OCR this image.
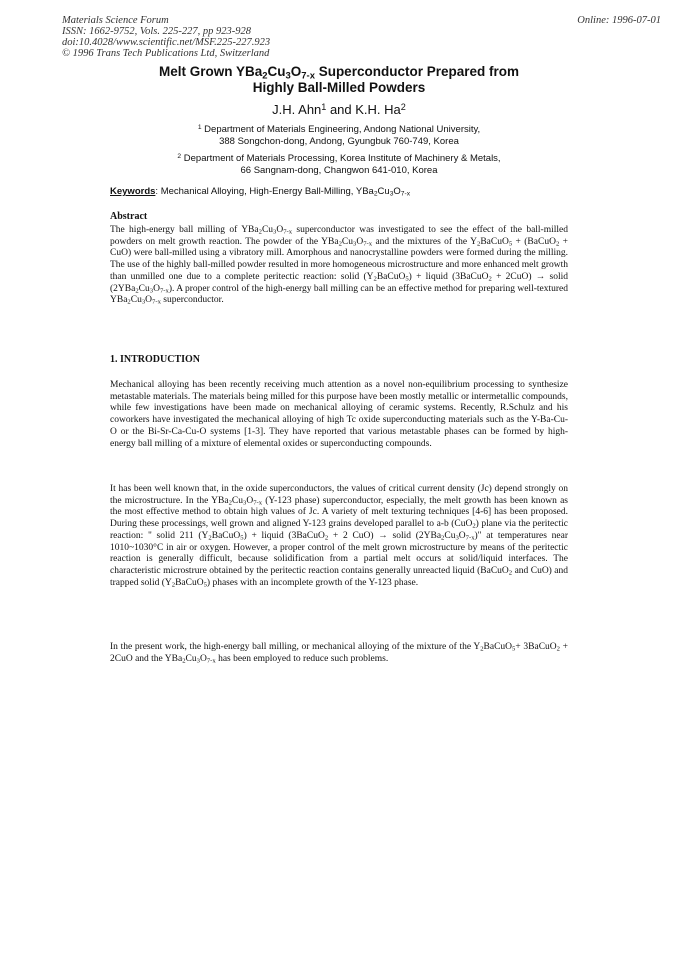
Materials Science Forum
ISSN: 1662-9752, Vols. 225-227, pp 923-928
doi:10.4028/www.scientific.net/MSF.225-227.923
© 1996 Trans Tech Publications Ltd, Switzerland
Online: 1996-07-01
Melt Grown $YBa_2Cu_3O_{7-x}$ Superconductor Prepared from
Highly Ball-Milled Powders
J.H. Ahn$^1$ and K.H. Ha$^2$
$^1$ Department of Materials Engineering, Andong National University,
388 Songchon-dong, Andong, Gyungbuk 760-749, Korea
$^2$ Department of Materials Processing, Korea Institute of Machinery & Metals,
66 Sangnam-dong, Changwon 641-010, Korea
Keywords: Mechanical Alloying, High-Energy Ball-Milling, $YBa_2Cu_3O_{7-x}$
Abstract
The high-energy ball milling of $YBa_2Cu_3O_{7-x}$ superconductor was investigated to see the effect of the ball-milled powders on melt growth reaction. The powder of the $YBa_2Cu_3O_{7-x}$ and the mixtures of the $Y_2BaCuO_5$ + (BaCuO$_2$ + CuO) were ball-milled using a vibratory mill. Amorphous and nanocrystalline powders were formed during the milling. The use of the highly ball-milled powder resulted in more homogeneous microstructure and more enhanced melt growth than unmilled one due to a complete peritectic reaction: solid $(Y_2BaCuO_5)$ + liquid (3BaCuO$_2$ + 2CuO) → solid $(2YBa_2Cu_3O_{7-x})$. A proper control of the high-energy ball milling can be an effective method for preparing well-textured $YBa_2Cu_3O_{7-x}$ superconductor.
1. INTRODUCTION
Mechanical alloying has been recently receiving much attention as a novel non-equilibrium processing to synthesize metastable materials. The materials being milled for this purpose have been mostly metallic or intermetallic compounds, while few investigations have been made on mechanical alloying of ceramic systems. Recently, R.Schulz and his coworkers have investigated the mechanical alloying of high Tc oxide superconducting materials such as the Y-Ba-Cu-O or the Bi-Sr-Ca-Cu-O systems [1-3]. They have reported that various metastable phases can be formed by high-energy ball milling of a mixture of elemental oxides or superconducting compounds.
It has been well known that, in the oxide superconductors, the values of critical current density (Jc) depend strongly on the microstructure. In the $YBa_2Cu_3O_{7-x}$ (Y-123 phase) superconductor, especially, the melt growth has been known as the most effective method to obtain high values of Jc. A variety of melt texturing techniques [4-6] has been proposed. During these processings, well grown and aligned Y-123 grains developed parallel to a-b (CuO$_2$) plane via the peritectic reaction: " solid 211 $(Y_2BaCuO_5)$ + liquid (3BaCuO$_2$ + 2 CuO) → solid $(2YBa_2Cu_3O_{7-x})$" at temperatures near 1010~1030°C in air or oxygen. However, a proper control of the melt grown microstructure by means of the peritectic reaction is generally difficult, because solidification from a partial melt occurs at solid/liquid interfaces. The characteristic microstrure obtained by the peritectic reaction contains generally unreacted liquid (BaCuO$_2$ and CuO) and trapped solid $(Y_2BaCuO_5)$ phases with an incomplete growth of the Y-123 phase.
In the present work, the high-energy ball milling, or mechanical alloying of the mixture of the $Y_2BaCuO_5+$ 3BaCuO$_2$ + 2CuO and the $YBa_2Cu_3O_{7-x}$ has been employed to reduce such problems.
